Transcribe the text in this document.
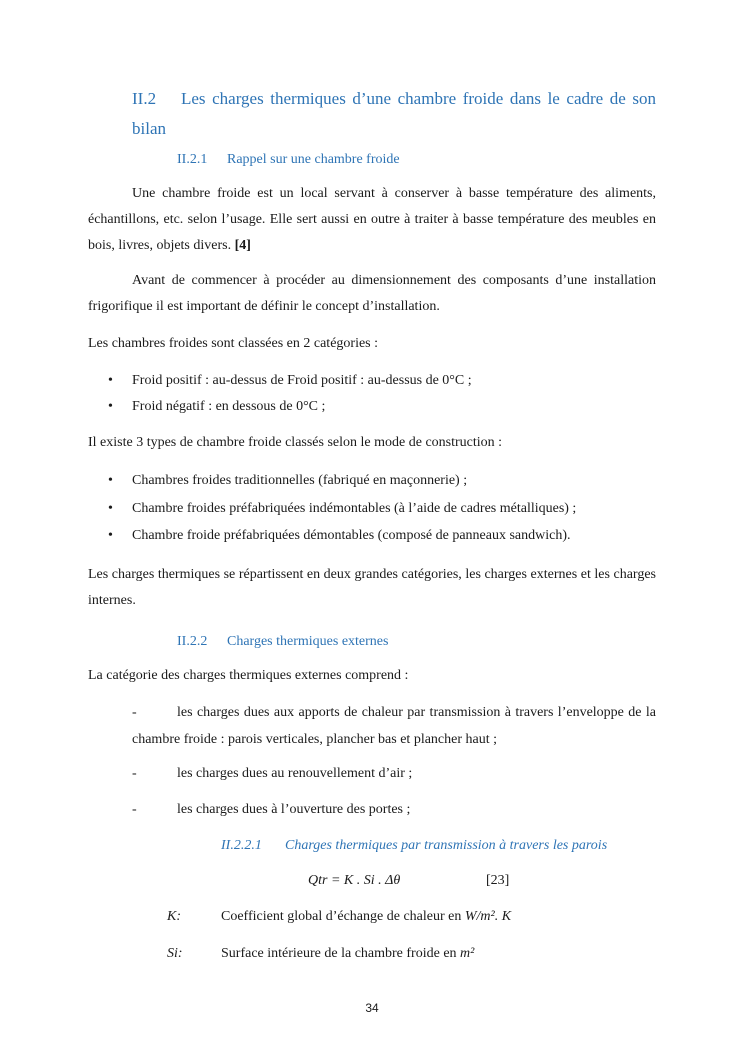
II.2 Les charges thermiques d’une chambre froide dans le cadre de son bilan
II.2.1 Rappel sur une chambre froide
Une chambre froide est un local servant à conserver à basse température des aliments, échantillons, etc. selon l’usage. Elle sert aussi en outre à traiter à basse température des meubles en bois, livres, objets divers. [4]
Avant de commencer à procéder au dimensionnement des composants d’une installation frigorifique il est important de définir le concept d’installation.
Les chambres froides sont classées en 2 catégories :
• Froid positif : au-dessus de Froid positif : au-dessus de 0°C ;
• Froid négatif : en dessous de 0°C ;
Il existe 3 types de chambre froide classés selon le mode de construction :
• Chambres froides traditionnelles (fabriqué en maçonnerie) ;
• Chambre froides préfabriquées indémontables (à l’aide de cadres métalliques) ;
• Chambre froide préfabriquées démontables (composé de panneaux sandwich).
Les charges thermiques se répartissent en deux grandes catégories, les charges externes et les charges internes.
II.2.2 Charges thermiques externes
La catégorie des charges thermiques externes comprend :
-	les charges dues aux apports de chaleur par transmission à travers l’enveloppe de la chambre froide : parois verticales, plancher bas et plancher haut ;
-	les charges dues au renouvellement d’air ;
-	les charges dues à l’ouverture des portes ;
II.2.2.1 Charges thermiques par transmission à travers les parois
Qtr = K . Si . Δθ	[23]
K:	Coefficient global d’échange de chaleur en W/m². K
Si:	Surface intérieure de la chambre froide en m²
34
